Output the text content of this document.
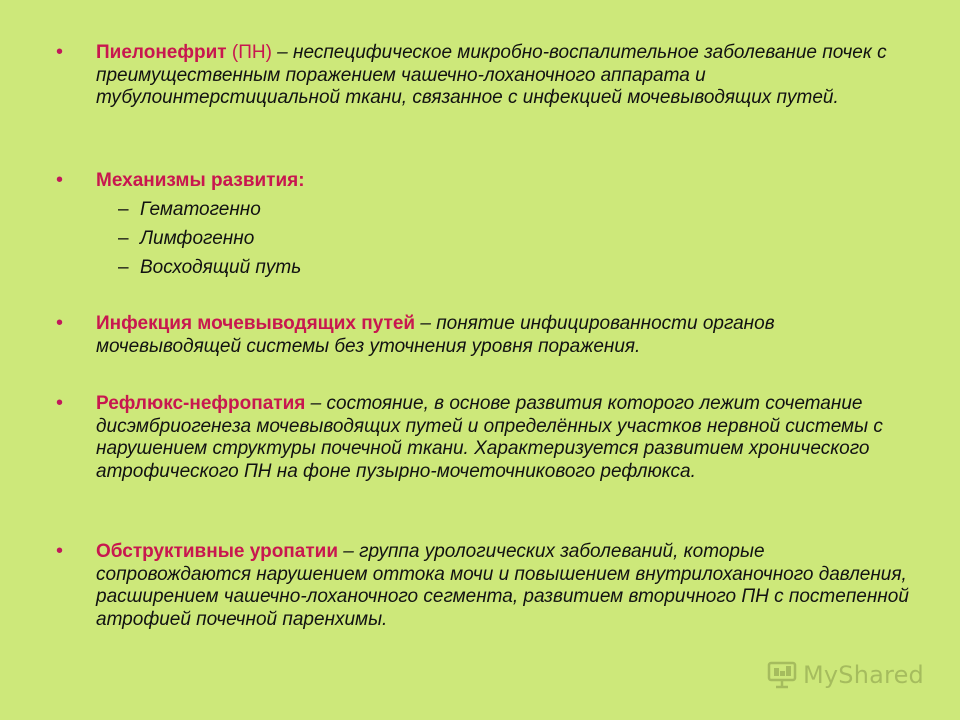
•	Пиелонефрит (ПН) – неспецифическое микробно-воспалительное заболевание почек с преимущественным поражением чашечно-лоханочного аппарата и тубулоинтерстициальной ткани, связанное с инфекцией мочевыводящих путей.
•	Механизмы развития:
– Гематогенно
– Лимфогенно
– Восходящий путь
•	Инфекция мочевыводящих путей – понятие инфицированности органов мочевыводящей системы без уточнения уровня поражения.
•	Рефлюкс-нефропатия – состояние, в основе развития которого лежит сочетание дисэмбриогенеза мочевыводящих путей и определённых участков нервной системы с нарушением структуры почечной ткани. Характеризуется развитием хронического атрофического ПН на фоне пузырно-мочеточникового рефлюкса.
•	Обструктивные уропатии – группа урологических заболеваний, которые сопровождаются нарушением оттока мочи и повышением внутрилоханочного давления, расширением чашечно-лоханочного сегмента, развитием вторичного ПН с постепенной атрофией почечной паренхимы.
MyShared
